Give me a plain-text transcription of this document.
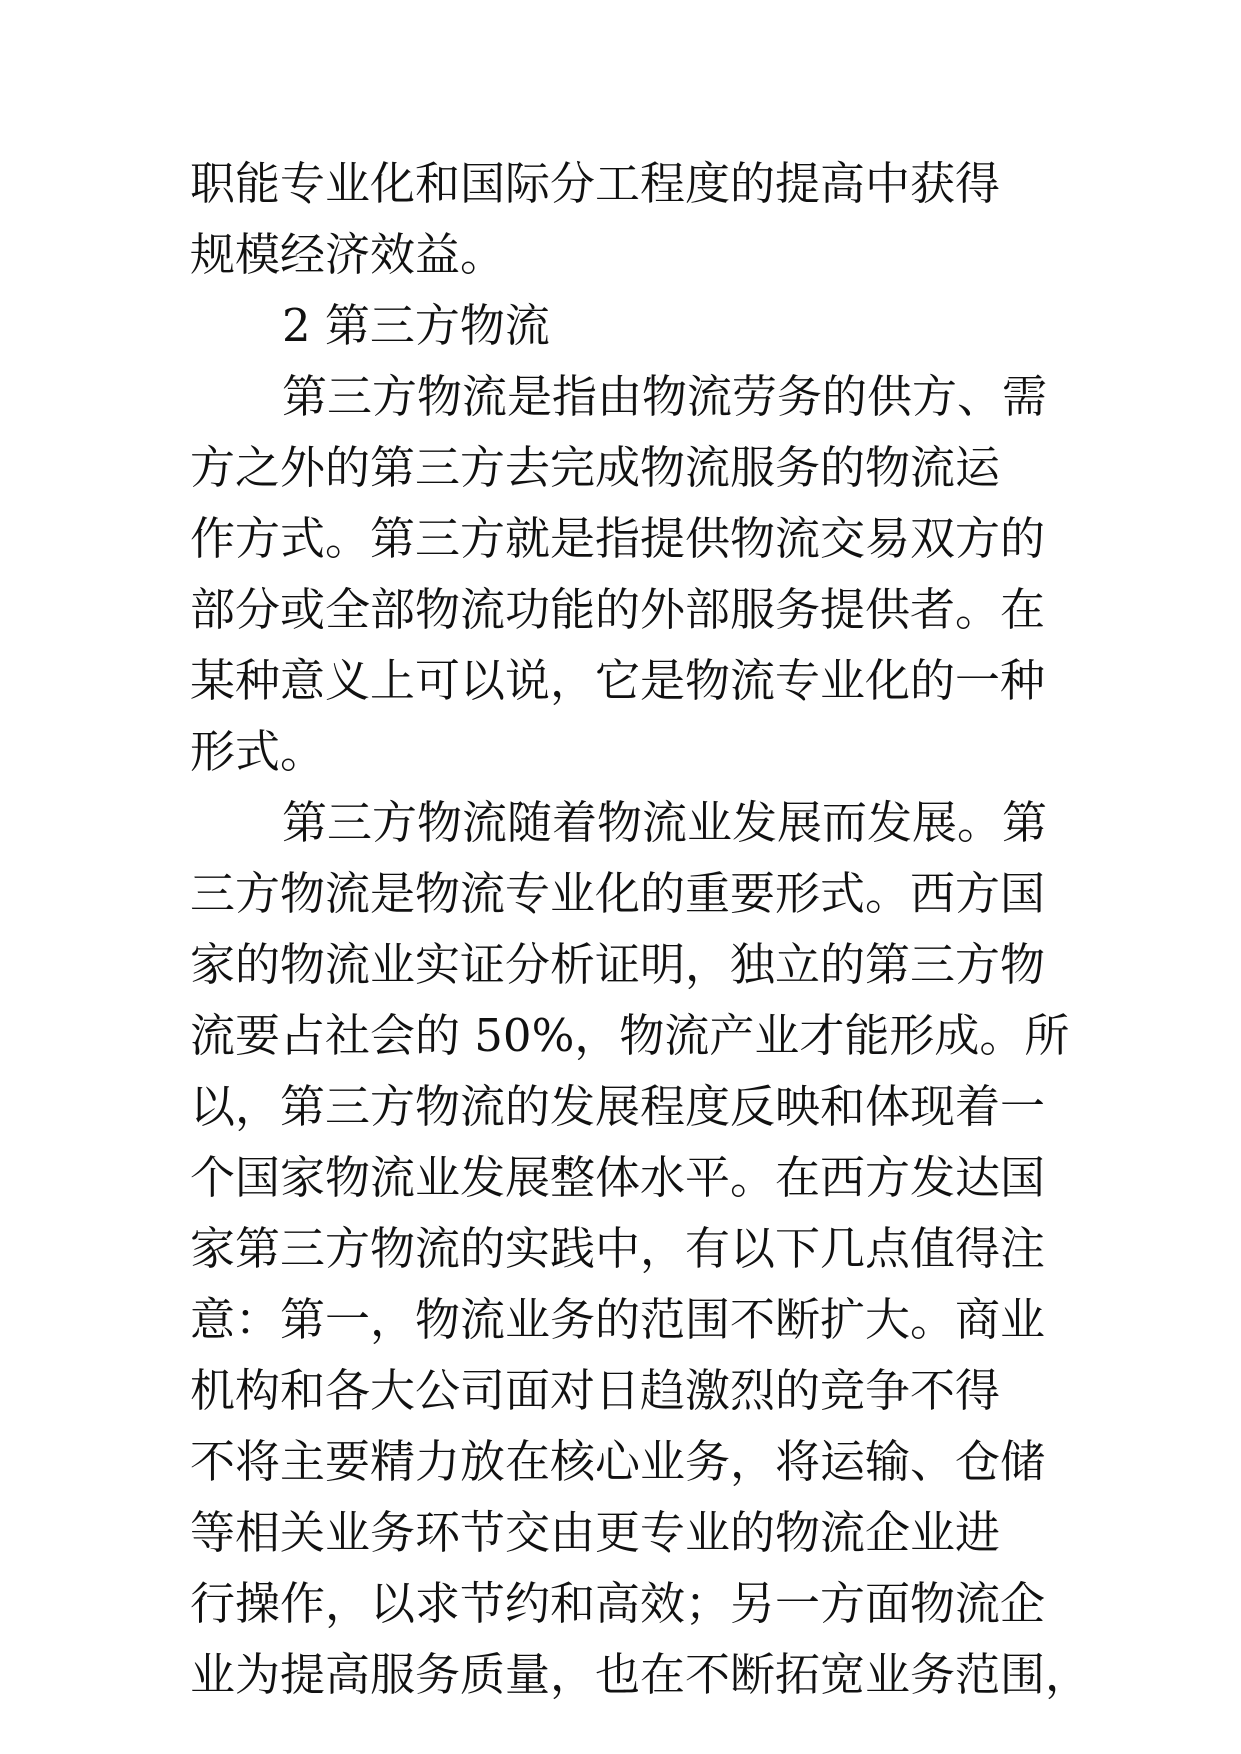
职能专业化和国际分工程度的提高中获得
规模经济效益。
2 第三方物流
第三方物流是指由物流劳务的供方、需
方之外的第三方去完成物流服务的物流运
作方式。第三方就是指提供物流交易双方的
部分或全部物流功能的外部服务提供者。在
某种意义上可以说，它是物流专业化的一种
形式。
第三方物流随着物流业发展而发展。第
三方物流是物流专业化的重要形式。西方国
家的物流业实证分析证明，独立的第三方物
流要占社会的 50%，物流产业才能形成。所
以，第三方物流的发展程度反映和体现着一
个国家物流业发展整体水平。在西方发达国
家第三方物流的实践中，有以下几点值得注
意：第一，物流业务的范围不断扩大。商业
机构和各大公司面对日趋激烈的竞争不得
不将主要精力放在核心业务，将运输、仓储
等相关业务环节交由更专业的物流企业进
行操作，以求节约和高效；另一方面物流企
业为提高服务质量，也在不断拓宽业务范围，
